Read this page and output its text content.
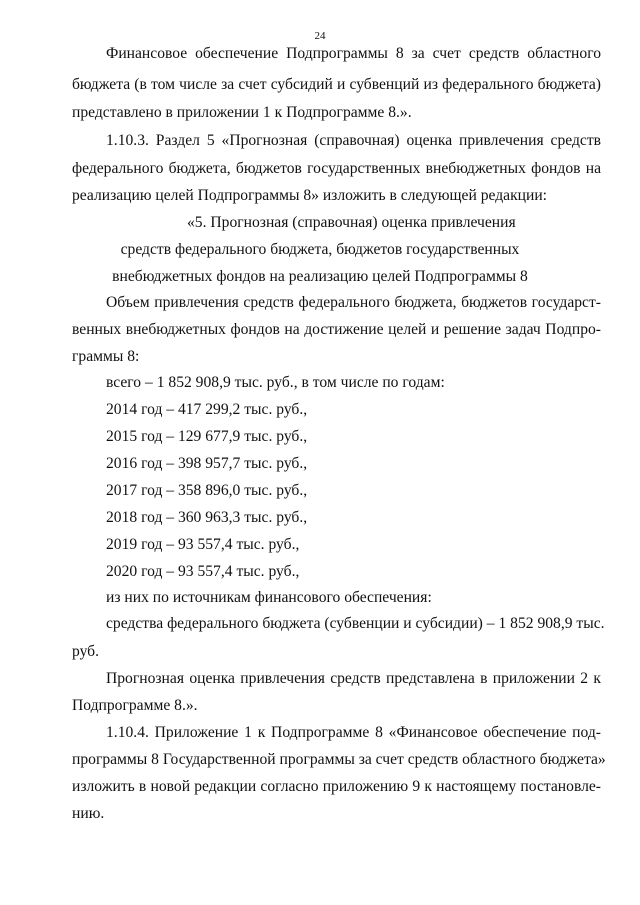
24
Финансовое обеспечение Подпрограммы 8 за счет средств областного
бюджета (в том числе за счет субсидий и субвенций из федерального бюджета)
представлено в приложении 1 к Подпрограмме 8.».
1.10.3. Раздел 5 «Прогнозная (справочная) оценка привлечения средств
федерального бюджета, бюджетов государственных внебюджетных фондов на
реализацию целей Подпрограммы 8» изложить в следующей редакции:
«5. Прогнозная (справочная) оценка привлечения
средств федерального бюджета, бюджетов государственных
внебюджетных фондов на реализацию целей Подпрограммы 8
Объем привлечения средств федерального бюджета, бюджетов государст-
венных внебюджетных фондов на достижение целей и решение задач Подпро-
граммы 8:
всего – 1 852 908,9 тыс. руб., в том числе по годам:
2014 год – 417 299,2 тыс. руб.,
2015 год – 129 677,9 тыс. руб.,
2016 год – 398 957,7 тыс. руб.,
2017 год – 358 896,0 тыс. руб.,
2018 год – 360 963,3 тыс. руб.,
2019 год – 93 557,4 тыс. руб.,
2020 год – 93 557,4 тыс. руб.,
из них по источникам финансового обеспечения:
средства федерального бюджета (субвенции и субсидии) – 1 852 908,9 тыс.
руб.
Прогнозная оценка привлечения средств представлена в приложении 2 к
Подпрограмме 8.».
1.10.4. Приложение 1 к Подпрограмме 8 «Финансовое обеспечение под-
программы 8 Государственной программы за счет средств областного бюджета»
изложить в новой редакции согласно приложению 9 к настоящему постановле-
нию.
